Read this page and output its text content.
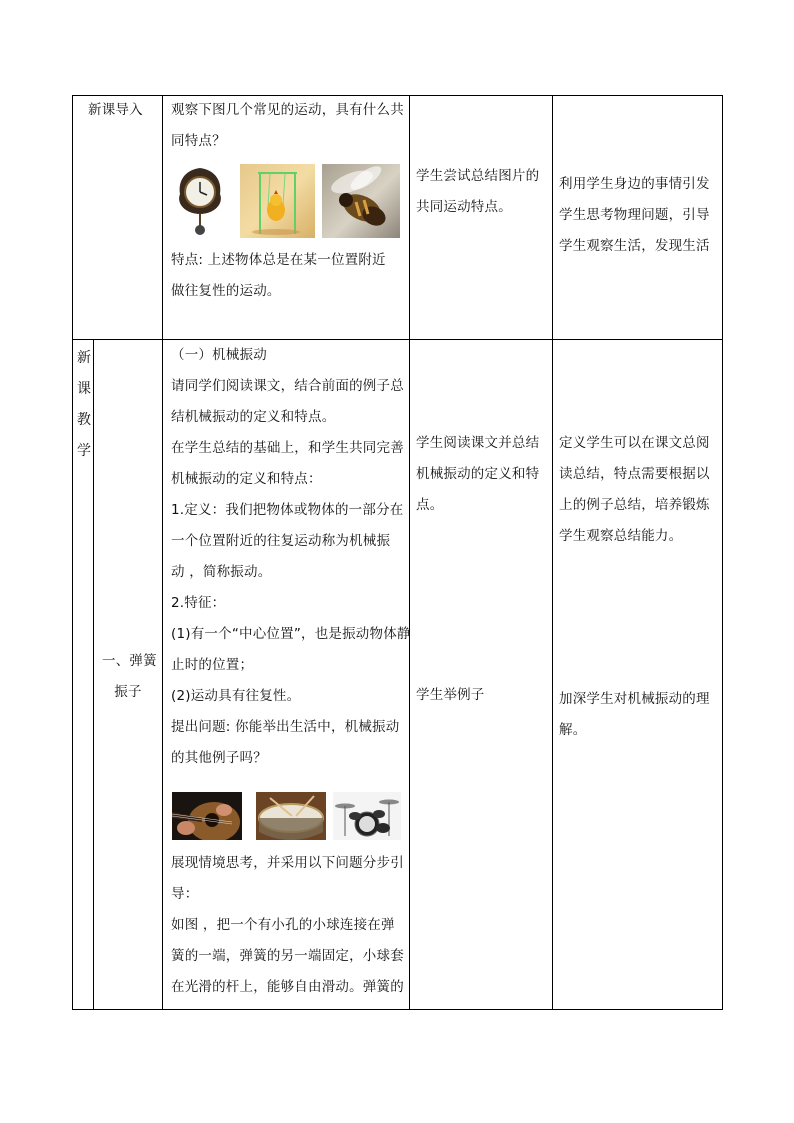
新课导入 观察下图几个常见的运动，具有什么共

同特点？

特点: 上述物体总是在某一位置附近

做往复性的运动。

学生尝试总结图片的

共同运动特点。

利用学生身边的事情引发

学生思考物理问题，引导

学生观察生活，发现生活

新
课
教
学

一、弹簧

振子

（一）机械振动

请同学们阅读课文，结合前面的例子总

结机械振动的定义和特点。

在学生总结的基础上，和学生共同完善

机械振动的定义和特点：

1.定义：我们把物体或物体的一部分在

一个位置附近的往复运动称为机械振

动 ，简称振动。

2.特征：

(1)有一个“中心位置”，也是振动物体静

止时的位置；

(2)运动具有往复性。

提出问题: 你能举出生活中，机械振动

的其他例子吗？

展现情境思考，并采用以下问题分步引

导：

如图 ，把一个有小孔的小球连接在弹

簧的一端，弹簧的另一端固定，小球套

在光滑的杆上，能够自由滑动。弹簧的

学生阅读课文并总结

机械振动的定义和特

点。

学生举例子

定义学生可以在课文总阅

读总结，特点需要根据以

上的例子总结，培养锻炼

学生观察总结能力。

加深学生对机械振动的理

解。
